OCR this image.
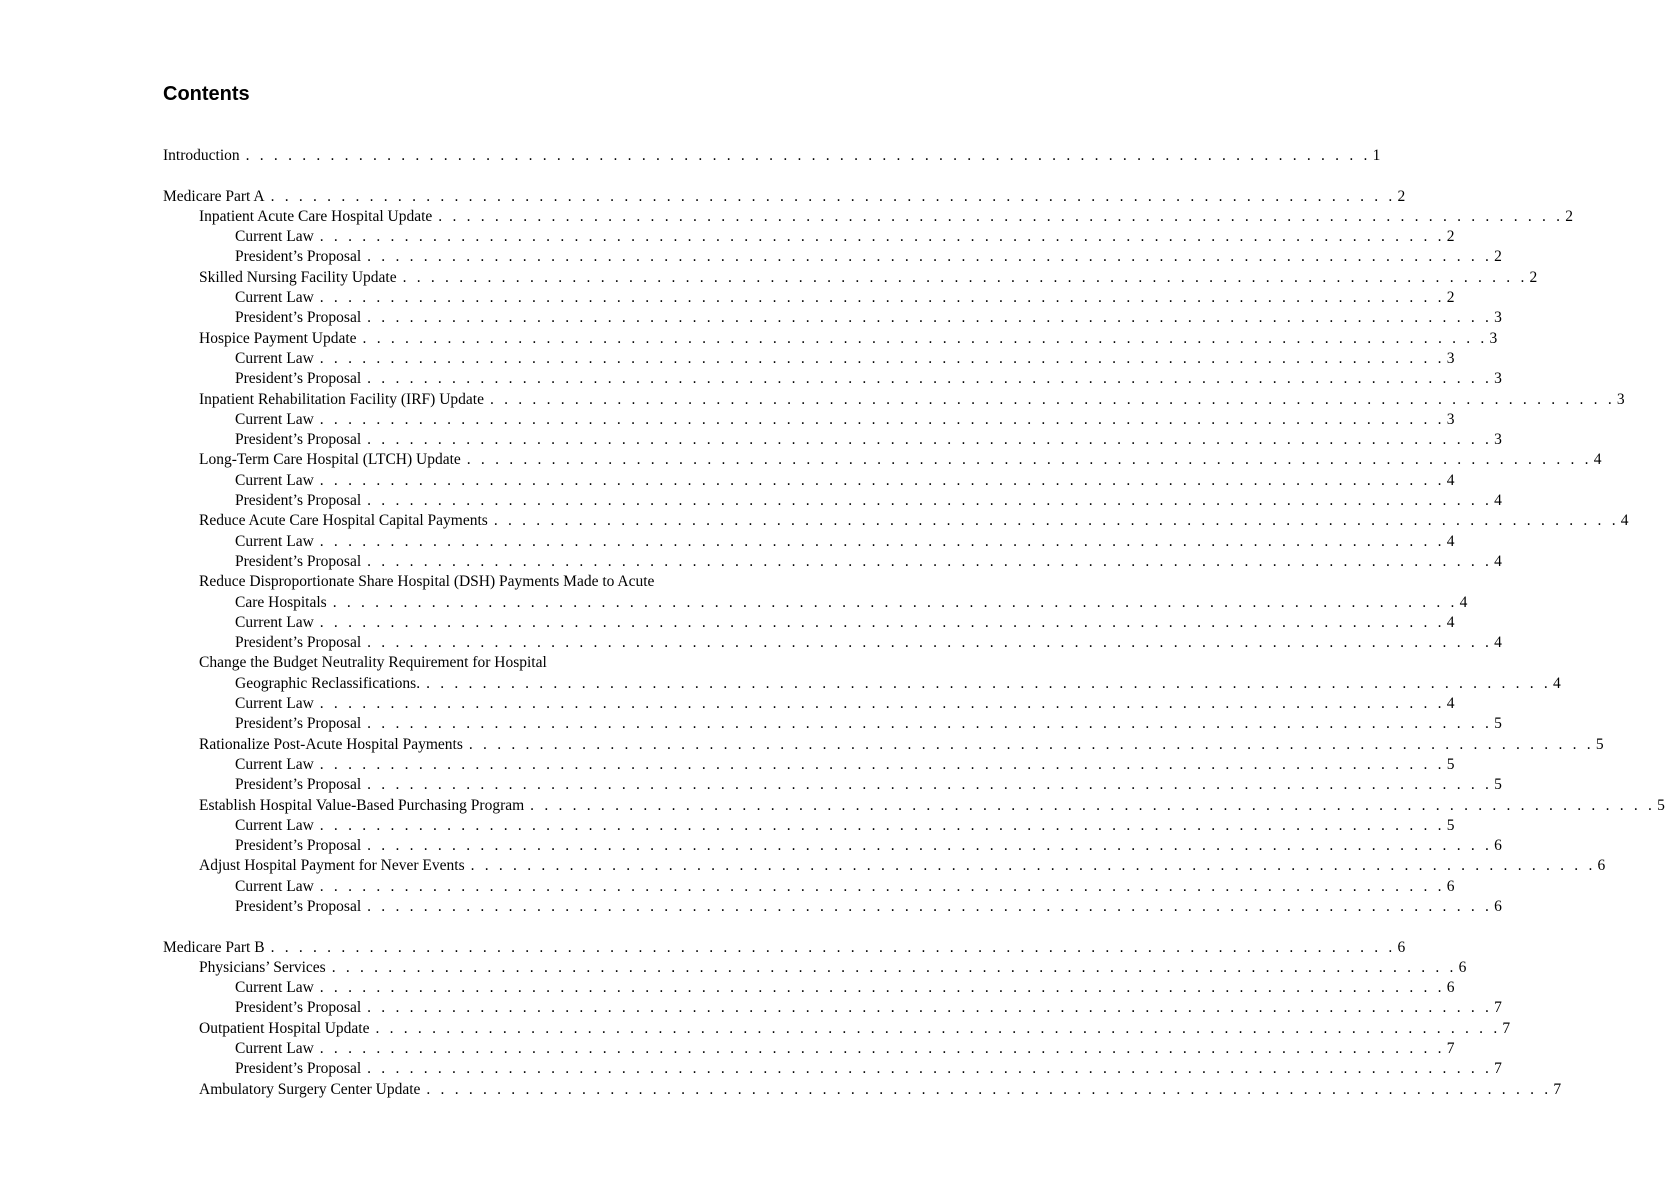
Contents
Introduction . . . . . . . . . . . . . . . . . . . . . . . . . . . . . . . . . . . . . . . . . . . . . . . . . . . . . . . . . . . . . . . . . . . . . . . . . . . . . . . . 1
Medicare Part A . . . . . . . . . . . . . . . . . . . . . . . . . . . . . . . . . . . . . . . . . . . . . . . . . . . . . . . . . . . . . . . . . . . . . . . . . . . . . . . . 2
Inpatient Acute Care Hospital Update . . . . . . . . . . . . . . . . . . . . . . . . . . . . . . . . . . . . . . . . . . . . . . . . . . . . . . . . . . . . . . . . . . . . . . . . . . . . . . . . 2
Current Law . . . . . . . . . . . . . . . . . . . . . . . . . . . . . . . . . . . . . . . . . . . . . . . . . . . . . . . . . . . . . . . . . . . . . . . . . . . . . . . . 2
President’s Proposal . . . . . . . . . . . . . . . . . . . . . . . . . . . . . . . . . . . . . . . . . . . . . . . . . . . . . . . . . . . . . . . . . . . . . . . . . . . . . . . . 2
Skilled Nursing Facility Update . . . . . . . . . . . . . . . . . . . . . . . . . . . . . . . . . . . . . . . . . . . . . . . . . . . . . . . . . . . . . . . . . . . . . . . . . . . . . . . . 2
Current Law . . . . . . . . . . . . . . . . . . . . . . . . . . . . . . . . . . . . . . . . . . . . . . . . . . . . . . . . . . . . . . . . . . . . . . . . . . . . . . . . 2
President’s Proposal . . . . . . . . . . . . . . . . . . . . . . . . . . . . . . . . . . . . . . . . . . . . . . . . . . . . . . . . . . . . . . . . . . . . . . . . . . . . . . . . 3
Hospice Payment Update . . . . . . . . . . . . . . . . . . . . . . . . . . . . . . . . . . . . . . . . . . . . . . . . . . . . . . . . . . . . . . . . . . . . . . . . . . . . . . . . 3
Current Law . . . . . . . . . . . . . . . . . . . . . . . . . . . . . . . . . . . . . . . . . . . . . . . . . . . . . . . . . . . . . . . . . . . . . . . . . . . . . . . . 3
President’s Proposal . . . . . . . . . . . . . . . . . . . . . . . . . . . . . . . . . . . . . . . . . . . . . . . . . . . . . . . . . . . . . . . . . . . . . . . . . . . . . . . . 3
Inpatient Rehabilitation Facility (IRF) Update . . . . . . . . . . . . . . . . . . . . . . . . . . . . . . . . . . . . . . . . . . . . . . . . . . . . . . . . . . . . . . . . . . . . . . . . . . . . . . . . 3
Current Law . . . . . . . . . . . . . . . . . . . . . . . . . . . . . . . . . . . . . . . . . . . . . . . . . . . . . . . . . . . . . . . . . . . . . . . . . . . . . . . . 3
President’s Proposal . . . . . . . . . . . . . . . . . . . . . . . . . . . . . . . . . . . . . . . . . . . . . . . . . . . . . . . . . . . . . . . . . . . . . . . . . . . . . . . . 3
Long-Term Care Hospital (LTCH) Update . . . . . . . . . . . . . . . . . . . . . . . . . . . . . . . . . . . . . . . . . . . . . . . . . . . . . . . . . . . . . . . . . . . . . . . . . . . . . . . . 4
Current Law . . . . . . . . . . . . . . . . . . . . . . . . . . . . . . . . . . . . . . . . . . . . . . . . . . . . . . . . . . . . . . . . . . . . . . . . . . . . . . . . 4
President’s Proposal . . . . . . . . . . . . . . . . . . . . . . . . . . . . . . . . . . . . . . . . . . . . . . . . . . . . . . . . . . . . . . . . . . . . . . . . . . . . . . . . 4
Reduce Acute Care Hospital Capital Payments . . . . . . . . . . . . . . . . . . . . . . . . . . . . . . . . . . . . . . . . . . . . . . . . . . . . . . . . . . . . . . . . . . . . . . . . . . . . . . . . 4
Current Law . . . . . . . . . . . . . . . . . . . . . . . . . . . . . . . . . . . . . . . . . . . . . . . . . . . . . . . . . . . . . . . . . . . . . . . . . . . . . . . . 4
President’s Proposal . . . . . . . . . . . . . . . . . . . . . . . . . . . . . . . . . . . . . . . . . . . . . . . . . . . . . . . . . . . . . . . . . . . . . . . . . . . . . . . . 4
Reduce Disproportionate Share Hospital (DSH) Payments Made to Acute
Care Hospitals . . . . . . . . . . . . . . . . . . . . . . . . . . . . . . . . . . . . . . . . . . . . . . . . . . . . . . . . . . . . . . . . . . . . . . . . . . . . . . . . 4
Current Law . . . . . . . . . . . . . . . . . . . . . . . . . . . . . . . . . . . . . . . . . . . . . . . . . . . . . . . . . . . . . . . . . . . . . . . . . . . . . . . . 4
President’s Proposal . . . . . . . . . . . . . . . . . . . . . . . . . . . . . . . . . . . . . . . . . . . . . . . . . . . . . . . . . . . . . . . . . . . . . . . . . . . . . . . . 4
Change the Budget Neutrality Requirement for Hospital
Geographic Reclassifications. . . . . . . . . . . . . . . . . . . . . . . . . . . . . . . . . . . . . . . . . . . . . . . . . . . . . . . . . . . . . . . . . . . . . . . . . . . . . . . . . 4
Current Law . . . . . . . . . . . . . . . . . . . . . . . . . . . . . . . . . . . . . . . . . . . . . . . . . . . . . . . . . . . . . . . . . . . . . . . . . . . . . . . . 4
President’s Proposal . . . . . . . . . . . . . . . . . . . . . . . . . . . . . . . . . . . . . . . . . . . . . . . . . . . . . . . . . . . . . . . . . . . . . . . . . . . . . . . . 5
Rationalize Post-Acute Hospital Payments . . . . . . . . . . . . . . . . . . . . . . . . . . . . . . . . . . . . . . . . . . . . . . . . . . . . . . . . . . . . . . . . . . . . . . . . . . . . . . . . 5
Current Law . . . . . . . . . . . . . . . . . . . . . . . . . . . . . . . . . . . . . . . . . . . . . . . . . . . . . . . . . . . . . . . . . . . . . . . . . . . . . . . . 5
President’s Proposal . . . . . . . . . . . . . . . . . . . . . . . . . . . . . . . . . . . . . . . . . . . . . . . . . . . . . . . . . . . . . . . . . . . . . . . . . . . . . . . . 5
Establish Hospital Value-Based Purchasing Program . . . . . . . . . . . . . . . . . . . . . . . . . . . . . . . . . . . . . . . . . . . . . . . . . . . . . . . . . . . . . . . . . . . . . . . . . . . . . . . . 5
Current Law . . . . . . . . . . . . . . . . . . . . . . . . . . . . . . . . . . . . . . . . . . . . . . . . . . . . . . . . . . . . . . . . . . . . . . . . . . . . . . . . 5
President’s Proposal . . . . . . . . . . . . . . . . . . . . . . . . . . . . . . . . . . . . . . . . . . . . . . . . . . . . . . . . . . . . . . . . . . . . . . . . . . . . . . . . 6
Adjust Hospital Payment for Never Events . . . . . . . . . . . . . . . . . . . . . . . . . . . . . . . . . . . . . . . . . . . . . . . . . . . . . . . . . . . . . . . . . . . . . . . . . . . . . . . . 6
Current Law . . . . . . . . . . . . . . . . . . . . . . . . . . . . . . . . . . . . . . . . . . . . . . . . . . . . . . . . . . . . . . . . . . . . . . . . . . . . . . . . 6
President’s Proposal . . . . . . . . . . . . . . . . . . . . . . . . . . . . . . . . . . . . . . . . . . . . . . . . . . . . . . . . . . . . . . . . . . . . . . . . . . . . . . . . 6
Medicare Part B . . . . . . . . . . . . . . . . . . . . . . . . . . . . . . . . . . . . . . . . . . . . . . . . . . . . . . . . . . . . . . . . . . . . . . . . . . . . . . . . 6
Physicians’ Services . . . . . . . . . . . . . . . . . . . . . . . . . . . . . . . . . . . . . . . . . . . . . . . . . . . . . . . . . . . . . . . . . . . . . . . . . . . . . . . . 6
Current Law . . . . . . . . . . . . . . . . . . . . . . . . . . . . . . . . . . . . . . . . . . . . . . . . . . . . . . . . . . . . . . . . . . . . . . . . . . . . . . . . 6
President’s Proposal . . . . . . . . . . . . . . . . . . . . . . . . . . . . . . . . . . . . . . . . . . . . . . . . . . . . . . . . . . . . . . . . . . . . . . . . . . . . . . . . 7
Outpatient Hospital Update . . . . . . . . . . . . . . . . . . . . . . . . . . . . . . . . . . . . . . . . . . . . . . . . . . . . . . . . . . . . . . . . . . . . . . . . . . . . . . . . 7
Current Law . . . . . . . . . . . . . . . . . . . . . . . . . . . . . . . . . . . . . . . . . . . . . . . . . . . . . . . . . . . . . . . . . . . . . . . . . . . . . . . . 7
President’s Proposal . . . . . . . . . . . . . . . . . . . . . . . . . . . . . . . . . . . . . . . . . . . . . . . . . . . . . . . . . . . . . . . . . . . . . . . . . . . . . . . . 7
Ambulatory Surgery Center Update . . . . . . . . . . . . . . . . . . . . . . . . . . . . . . . . . . . . . . . . . . . . . . . . . . . . . . . . . . . . . . . . . . . . . . . . . . . . . . . . 7
